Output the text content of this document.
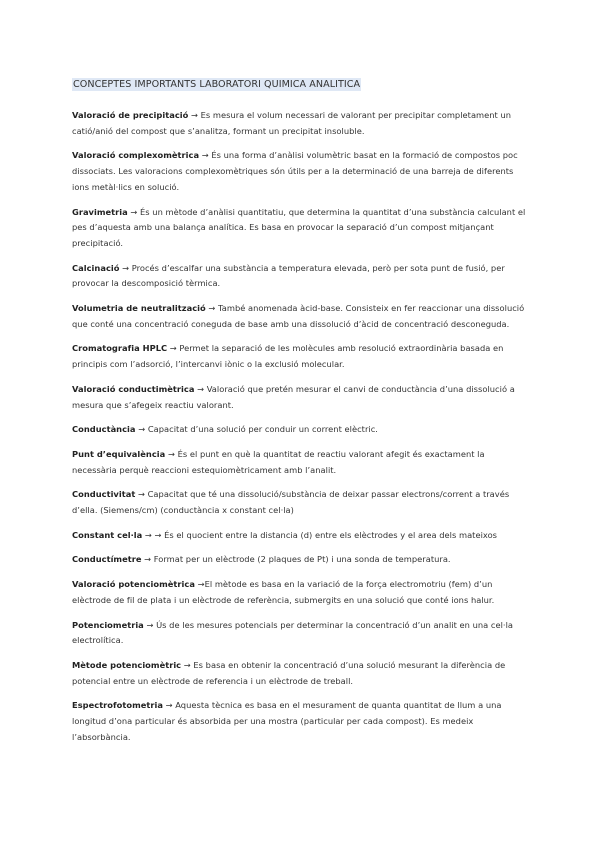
CONCEPTES IMPORTANTS LABORATORI QUIMICA ANALITICA
Valoració de precipitació → Es mesura el volum necessari de valorant per precipitar completament un catió/anió del compost que s’analitza, formant un precipitat insoluble.
Valoració complexomètrica → És una forma d’anàlisi volumètric basat en la formació de compostos poc dissociats. Les valoracions complexomètriques són útils per a la determinació de una barreja de diferents ions metàl·lics en solució.
Gravimetria → És un mètode d’anàlisi quantitatiu, que determina la quantitat d’una substància calculant el pes d’aquesta amb una balança analítica. Es basa en provocar la separació d’un compost mitjançant precipitació.
Calcinació → Procés d’escalfar una substància a temperatura elevada, però per sota punt de fusió, per provocar la descomposició tèrmica.
Volumetria de neutralització → També anomenada àcid-base. Consisteix en fer reaccionar una dissolució que conté una concentració coneguda de base amb una dissolució d’àcid de concentració desconeguda.
Cromatografia HPLC → Permet la separació de les molècules amb resolució extraordinària basada en principis com l’adsorció, l’intercanvi iònic o la exclusió molecular.
Valoració conductimètrica → Valoració que pretén mesurar el canvi de conductància d’una dissolució a mesura que s’afegeix reactiu valorant.
Conductància → Capacitat d’una solució per conduir un corrent elèctric.
Punt d’equivalència → És el punt en què la quantitat de reactiu valorant afegit és exactament la necessària perquè reaccioni estequiomètricament amb l’analit.
Conductivitat → Capacitat que té una dissolució/substància de deixar passar electrons/corrent a través d’ella. (Siemens/cm) (conductància x constant cel·la)
Constant cel·la → → És el quocient entre la distancia (d) entre els elèctrodes y el area dels mateixos
Conductímetre → Format per un elèctrode (2 plaques de Pt) i una sonda de temperatura.
Valoració potenciomètrica →El mètode es basa en la variació de la força electromotriu (fem) d’un elèctrode de fil de plata i un elèctrode de referència, submergits en una solució que conté ions halur.
Potenciometria → Ús de les mesures potencials per determinar la concentració d’un analit en una cel·la electrolítica.
Mètode potenciomètric → Es basa en obtenir la concentració d’una solució mesurant la diferència de potencial entre un elèctrode de referencia i un elèctrode de treball.
Espectrofotometria → Aquesta tècnica es basa en el mesurament de quanta quantitat de llum a una longitud d’ona particular és absorbida per una mostra (particular per cada compost). Es medeix l’absorbància.
